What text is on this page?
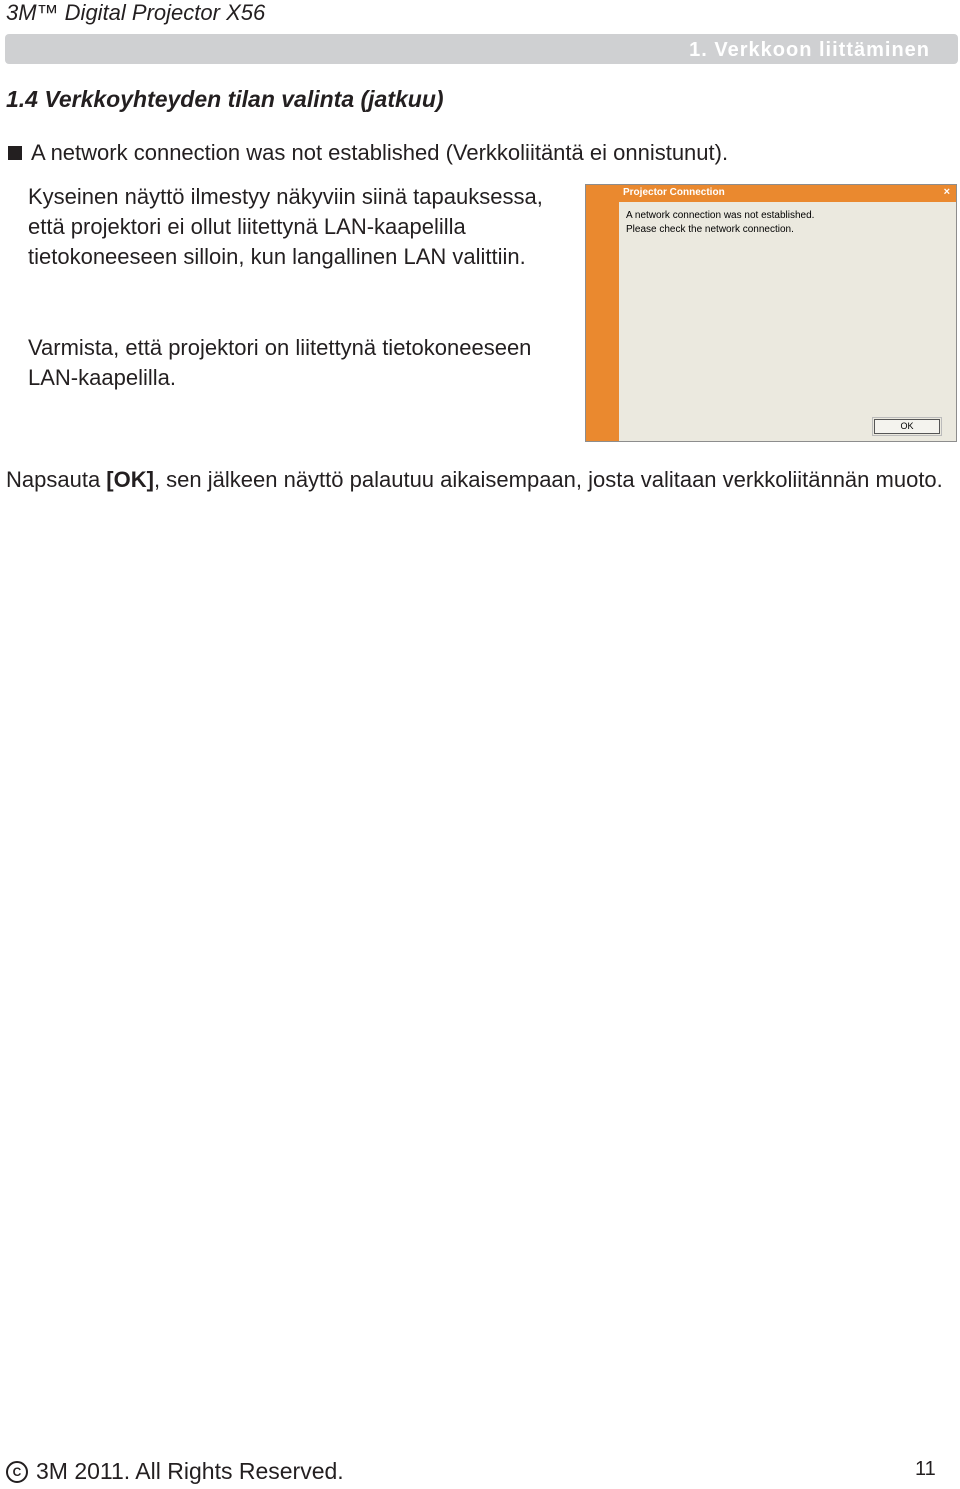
3M™ Digital Projector X56
1. Verkkoon liittäminen
1.4 Verkkoyhteyden tilan valinta (jatkuu)
A network connection was not established (Verkkoliitäntä ei onnistunut).

Kyseinen näyttö ilmestyy näkyviin siinä tapauksessa, että projektori ei ollut liitettynä LAN-kaapelilla tietokoneeseen silloin, kun langallinen LAN valittiin.

Varmista, että projektori on liitettynä tietokoneeseen LAN-kaapelilla.

Napsauta [OK], sen jälkeen näyttö palautuu aikaisempaan, josta valitaan verkkoliitännän muoto.

Projector Connection	×
A network connection was not established.
Please check the network connection.
OK
C 3M 2011. All Rights Reserved.	11
